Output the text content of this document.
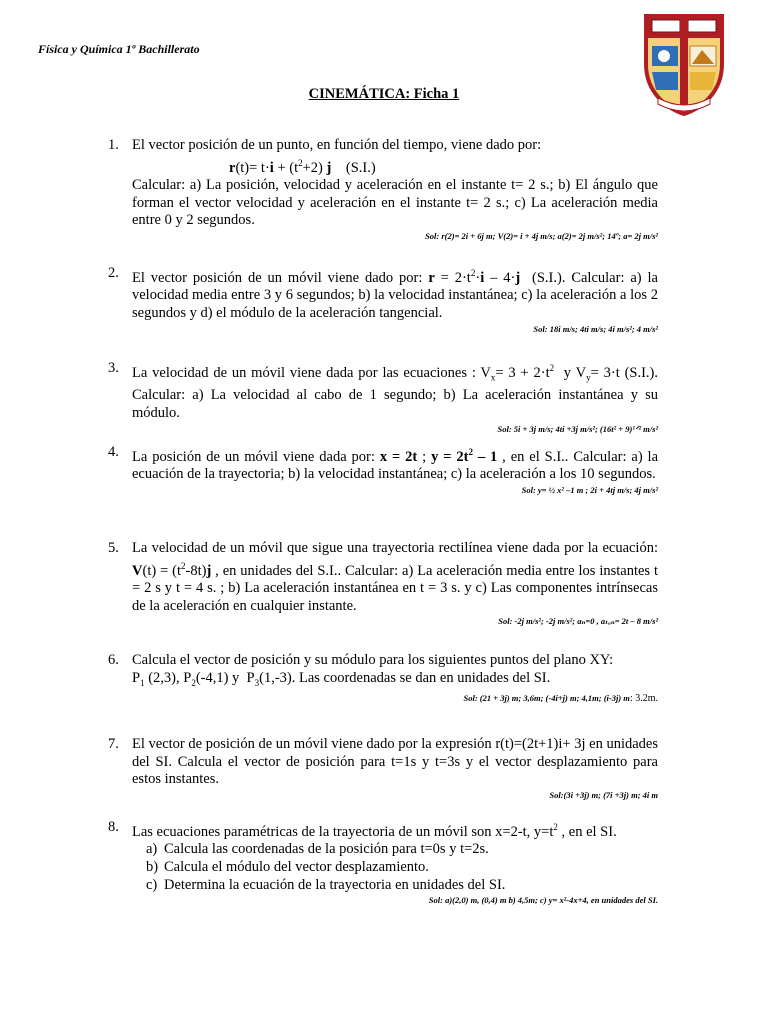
Física y Química 1º Bachillerato
CINEMÁTICA: Ficha 1
1. El vector posición de un punto, en función del tiempo, viene dado por:
$r(t)= t\cdot i + (t^2+2)$ j    (S.I.)
Calcular: a) La posición, velocidad y aceleración en el instante t= 2 s.; b) El ángulo que forman el vector velocidad y aceleración en el instante t= 2 s.; c) La aceleración media entre 0 y 2 segundos.
Sol: r(2)= 2i + 6j m; V(2)= i + 4j m/s; a(2)= 2j m/s²; 14º; a= 2j m/s²
2. El vector posición de un móvil viene dado por: $r = 2\cdot t^2\cdot i - 4\cdot j$  (S.I.). Calcular: a) la velocidad media entre 3 y 6 segundos; b) la velocidad instantánea; c) la aceleración a los 2 segundos y d) el módulo de la aceleración tangencial.
Sol: 18i m/s; 4ti m/s; 4i m/s²; 4 m/s²
3. La velocidad de un móvil viene dada por las ecuaciones : $V_x= 3 + 2\cdot t^2$  y $V_y= 3\cdot t$ (S.I.). Calcular: a) La velocidad al cabo de 1 segundo; b) La aceleración instantánea y su módulo.
Sol: 5i + 3j m/s; 4ti +3j m/s²; (16t² + 9)¹ᐟ² m/s²
4. La posición de un móvil viene dada por: x = 2t ; $y = 2t^2 - 1$ , en el S.I.. Calcular: a) la ecuación de la trayectoria; b) la velocidad instantánea; c) la aceleración a los 10 segundos.
Sol: y= ½ x² –1 m ; 2i + 4tj m/s; 4j m/s²
5. La velocidad de un móvil que sigue una trayectoria rectilínea viene dada por la ecuación: $V(t) = (t^2-8t)j$ , en unidades del S.I.. Calcular: a) La aceleración media entre los instantes t = 2 s y t = 4 s. ; b) La aceleración instantánea en t = 3 s. y c) Las componentes intrínsecas de la aceleración en cualquier instante.
Sol: -2j m/s²; -2j m/s²; aₙ=0 , aₜₐₙ= 2t – 8 m/s²
6. Calcula el vector de posición y su módulo para los siguientes puntos del plano XY:
$P_1$ (2,3), $P_2(-4,1)$ y  $P_3(1,-3)$. Las coordenadas se dan en unidades del SI.
Sol: (21 + 3j) m; 3,6m; (-4i+j) m; 4,1m; (i-3j) m: 3.2m.
7. El vector de posición de un móvil viene dado por la expresión r(t)=(2t+1)i+ 3j en unidades del SI. Calcula el vector de posición para t=1s y t=3s y el vector desplazamiento para estos instantes.
Sol:(3i +3j) m; (7i +3j) m; 4i m
8. Las ecuaciones paramétricas de la trayectoria de un móvil son x=2-t, $y=t^2$ , en el SI.
a) Calcula las coordenadas de la posición para t=0s y t=2s.
b) Calcula el módulo del vector desplazamiento.
c) Determina la ecuación de la trayectoria en unidades del SI.
Sol: a)(2,0) m, (0,4) m b) 4,5m; c) y= x²-4x+4, en unidades del SI.
